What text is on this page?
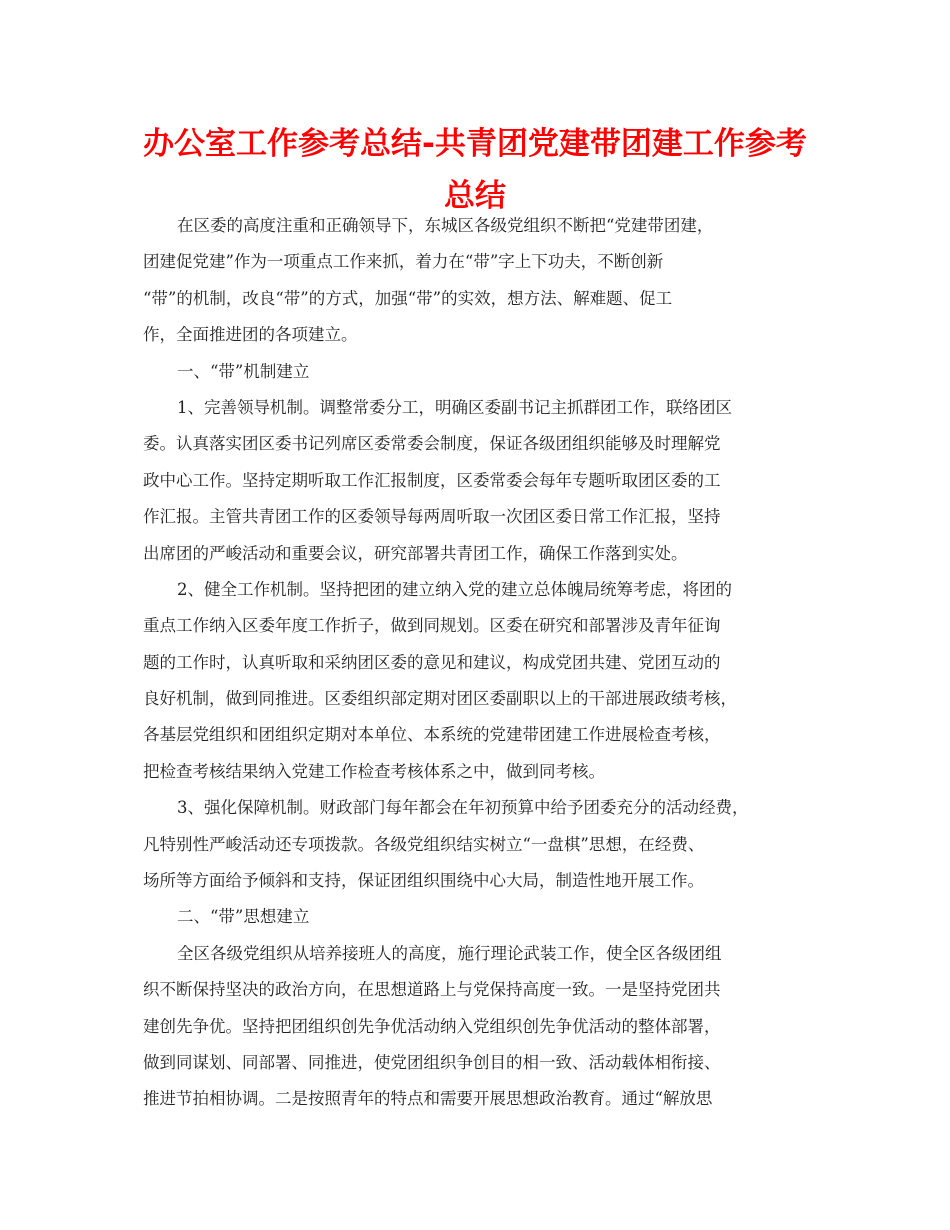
办公室工作参考总结-共青团党建带团建工作参考总结
在区委的高度注重和正确领导下，东城区各级党组织不断把“党建带团建，
团建促党建”作为一项重点工作来抓，着力在“带”字上下功夫，不断创新
“带”的机制，改良“带”的方式，加强“带”的实效，想方法、解难题、促工
作，全面推进团的各项建立。
一、“带”机制建立
1、完善领导机制。调整常委分工，明确区委副书记主抓群团工作，联络团区
委。认真落实团区委书记列席区委常委会制度，保证各级团组织能够及时理解党
政中心工作。坚持定期听取工作汇报制度，区委常委会每年专题听取团区委的工
作汇报。主管共青团工作的区委领导每两周听取一次团区委日常工作汇报，坚持
出席团的严峻活动和重要会议，研究部署共青团工作，确保工作落到实处。
2、健全工作机制。坚持把团的建立纳入党的建立总体魄局统筹考虑，将团的
重点工作纳入区委年度工作折子，做到同规划。区委在研究和部署涉及青年征询
题的工作时，认真听取和采纳团区委的意见和建议，构成党团共建、党团互动的
良好机制，做到同推进。区委组织部定期对团区委副职以上的干部进展政绩考核，
各基层党组织和团组织定期对本单位、本系统的党建带团建工作进展检查考核，
把检查考核结果纳入党建工作检查考核体系之中，做到同考核。
3、强化保障机制。财政部门每年都会在年初预算中给予团委充分的活动经费，
凡特别性严峻活动还专项拨款。各级党组织结实树立“一盘棋”思想，在经费、
场所等方面给予倾斜和支持，保证团组织围绕中心大局，制造性地开展工作。
二、“带”思想建立
全区各级党组织从培养接班人的高度，施行理论武装工作，使全区各级团组
织不断保持坚决的政治方向，在思想道路上与党保持高度一致。一是坚持党团共
建创先争优。坚持把团组织创先争优活动纳入党组织创先争优活动的整体部署，
做到同谋划、同部署、同推进，使党团组织争创目的相一致、活动载体相衔接、
推进节拍相协调。二是按照青年的特点和需要开展思想政治教育。通过“解放思
